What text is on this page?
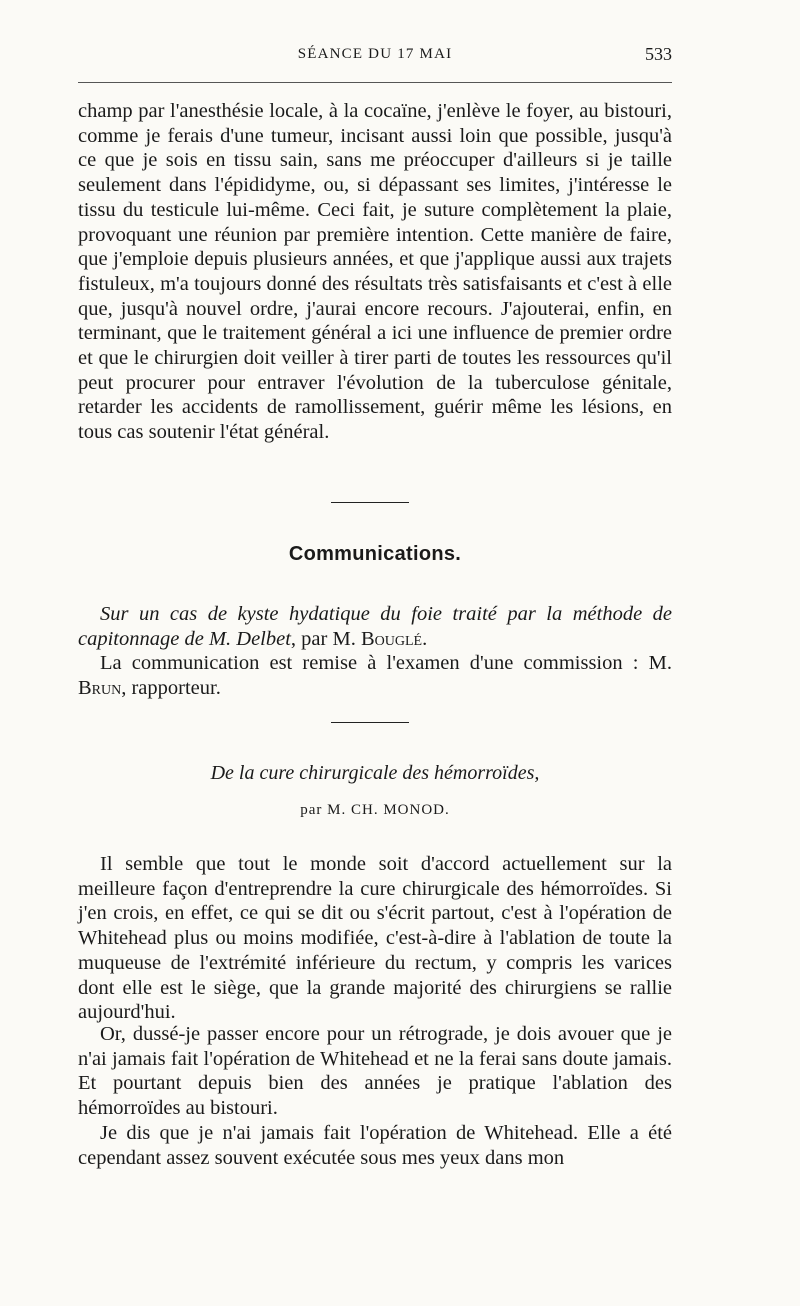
SÉANCE DU 17 MAI	533

champ par l'anesthésie locale, à la cocaïne, j'enlève le foyer, au bistouri, comme je ferais d'une tumeur, incisant aussi loin que possible, jusqu'à ce que je sois en tissu sain, sans me préoccuper d'ailleurs si je taille seulement dans l'épididyme, ou, si dépassant ses limites, j'intéresse le tissu du testicule lui-même. Ceci fait, je suture complètement la plaie, provoquant une réunion par première intention. Cette manière de faire, que j'emploie depuis plusieurs années, et que j'applique aussi aux trajets fistuleux, m'a toujours donné des résultats très satisfaisants et c'est à elle que, jusqu'à nouvel ordre, j'aurai encore recours. J'ajouterai, enfin, en terminant, que le traitement général a ici une influence de premier ordre et que le chirurgien doit veiller à tirer parti de toutes les ressources qu'il peut procurer pour entraver l'évolution de la tuberculose génitale, retarder les accidents de ramollissement, guérir même les lésions, en tous cas soutenir l'état général.

Communications.

Sur un cas de kyste hydatique du foie traité par la méthode de capitonnage de M. Delbet, par M. Bouglé.

La communication est remise à l'examen d'une commission : M. Brun, rapporteur.

De la cure chirurgicale des hémorroïdes,
par M. CH. MONOD.

Il semble que tout le monde soit d'accord actuellement sur la meilleure façon d'entreprendre la cure chirurgicale des hémorroïdes. Si j'en crois, en effet, ce qui se dit ou s'écrit partout, c'est à l'opération de Whitehead plus ou moins modifiée, c'est-à-dire à l'ablation de toute la muqueuse de l'extrémité inférieure du rectum, y compris les varices dont elle est le siège, que la grande majorité des chirurgiens se rallie aujourd'hui.

Or, dussé-je passer encore pour un rétrograde, je dois avouer que je n'ai jamais fait l'opération de Whitehead et ne la ferai sans doute jamais. Et pourtant depuis bien des années je pratique l'ablation des hémorroïdes au bistouri.

Je dis que je n'ai jamais fait l'opération de Whitehead. Elle a été cependant assez souvent exécutée sous mes yeux dans mon
